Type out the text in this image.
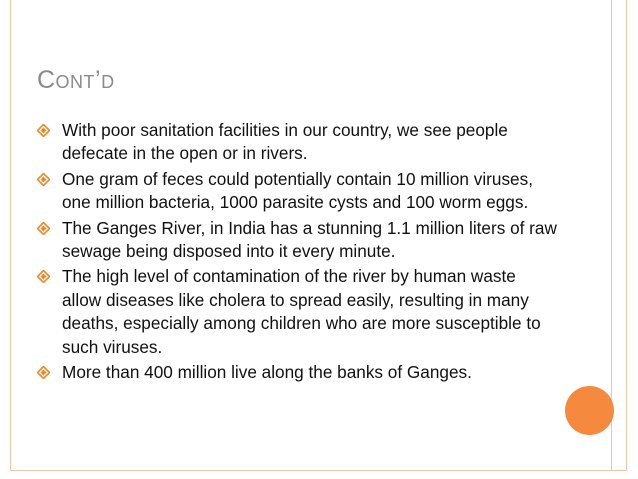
Cont’d
With poor sanitation facilities in our country, we see people defecate in the open or in rivers.
One gram of feces could potentially contain 10 million viruses, one million bacteria, 1000 parasite cysts and 100 worm eggs.
The Ganges River, in India has a stunning 1.1 million liters of raw sewage being disposed into it every minute.
The high level of contamination of the river by human waste allow diseases like cholera to spread easily, resulting in many deaths, especially among children who are more susceptible to such viruses.
More than 400 million live along the banks of Ganges.
